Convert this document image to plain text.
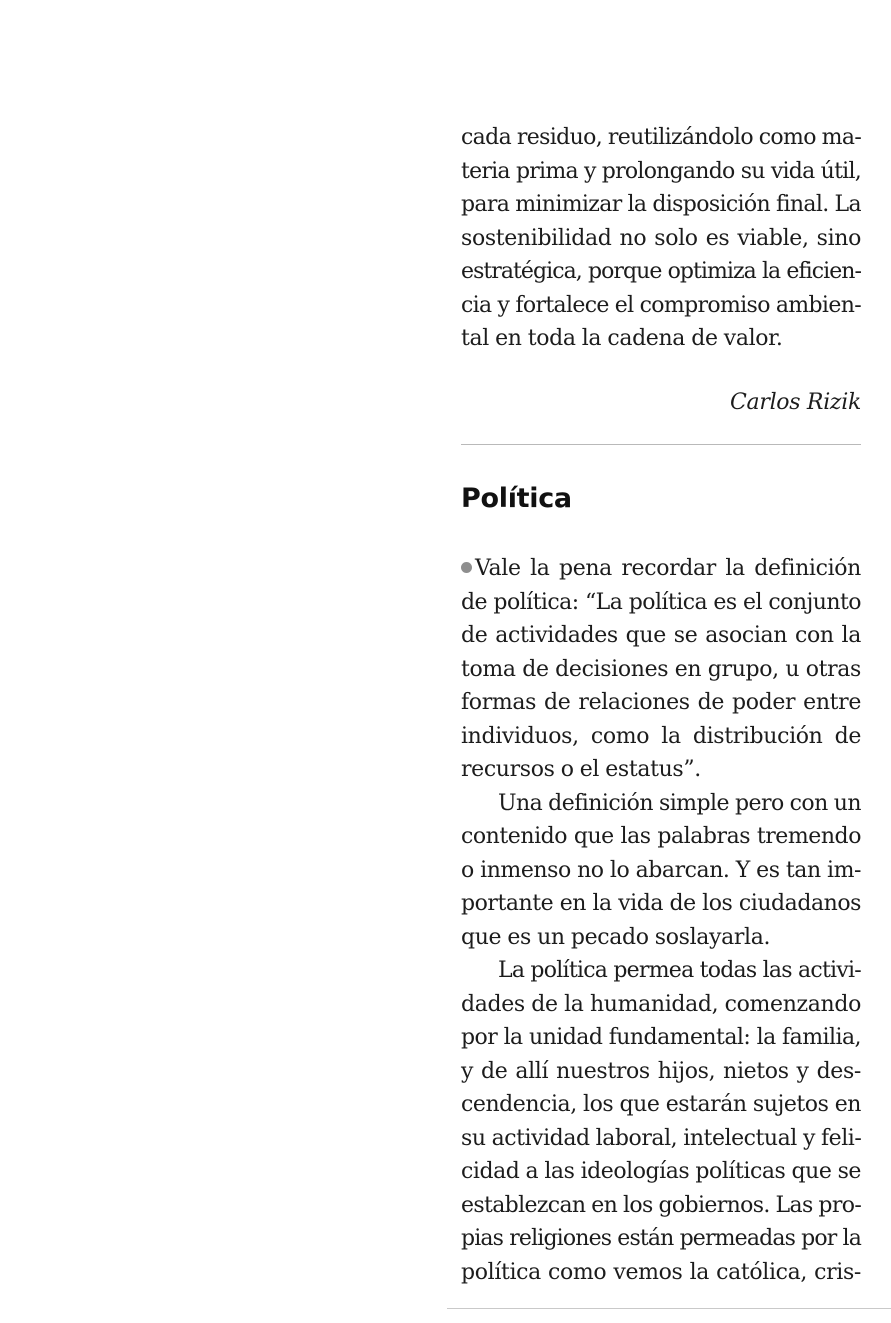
cada residuo, reutilizándolo como ma-
teria prima y prolongando su vida útil,
para minimizar la disposición final. La
sostenibilidad no solo es viable, sino
estratégica, porque optimiza la eficien-
cia y fortalece el compromiso ambien-
tal en toda la cadena de valor.
Carlos Rizik
Política
Vale la pena recordar la definición
de política: “La política es el conjunto
de actividades que se asocian con la
toma de decisiones en grupo, u otras
formas de relaciones de poder entre
individuos, como la distribución de
recursos o el estatus”.
Una definición simple pero con un
contenido que las palabras tremendo
o inmenso no lo abarcan. Y es tan im-
portante en la vida de los ciudadanos
que es un pecado soslayarla.
La política permea todas las activi-
dades de la humanidad, comenzando
por la unidad fundamental: la familia,
y de allí nuestros hijos, nietos y des-
cendencia, los que estarán sujetos en
su actividad laboral, intelectual y feli-
cidad a las ideologías políticas que se
establezcan en los gobiernos. Las pro-
pias religiones están permeadas por la
política como vemos la católica, cris-
